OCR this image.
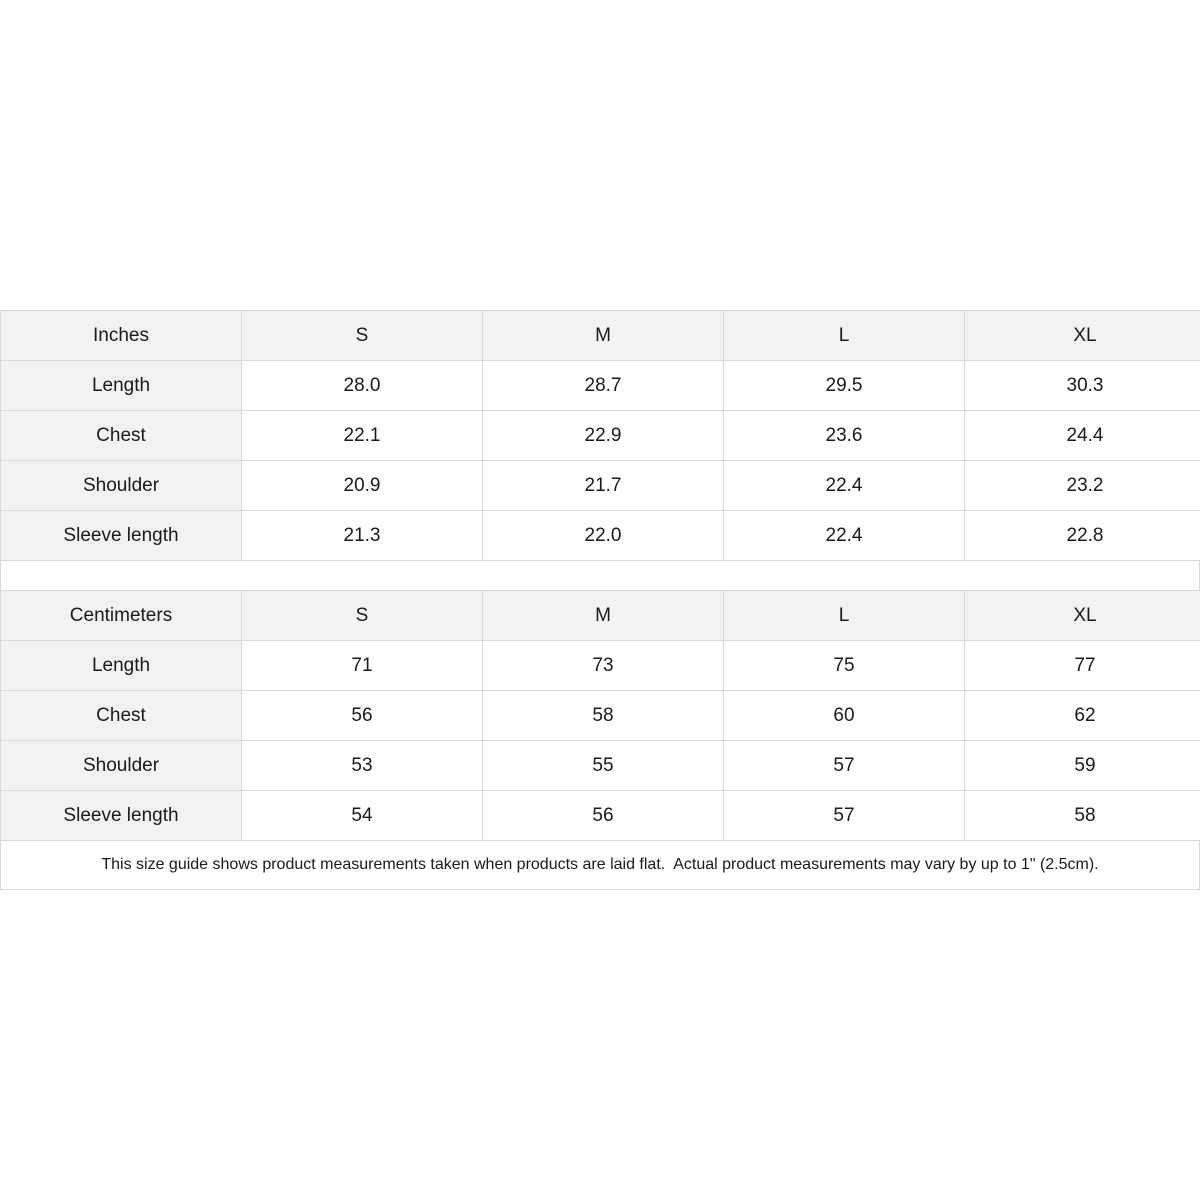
Inches	S	M	L	XL
Length	28.0	28.7	29.5	30.3
Chest	22.1	22.9	23.6	24.4
Shoulder	20.9	21.7	22.4	23.2
Sleeve length	21.3	22.0	22.4	22.8
Centimeters	S	M	L	XL
Length	71	73	75	77
Chest	56	58	60	62
Shoulder	53	55	57	59
Sleeve length	54	56	57	58
This size guide shows product measurements taken when products are laid flat.  Actual product measurements may vary by up to 1" (2.5cm).
